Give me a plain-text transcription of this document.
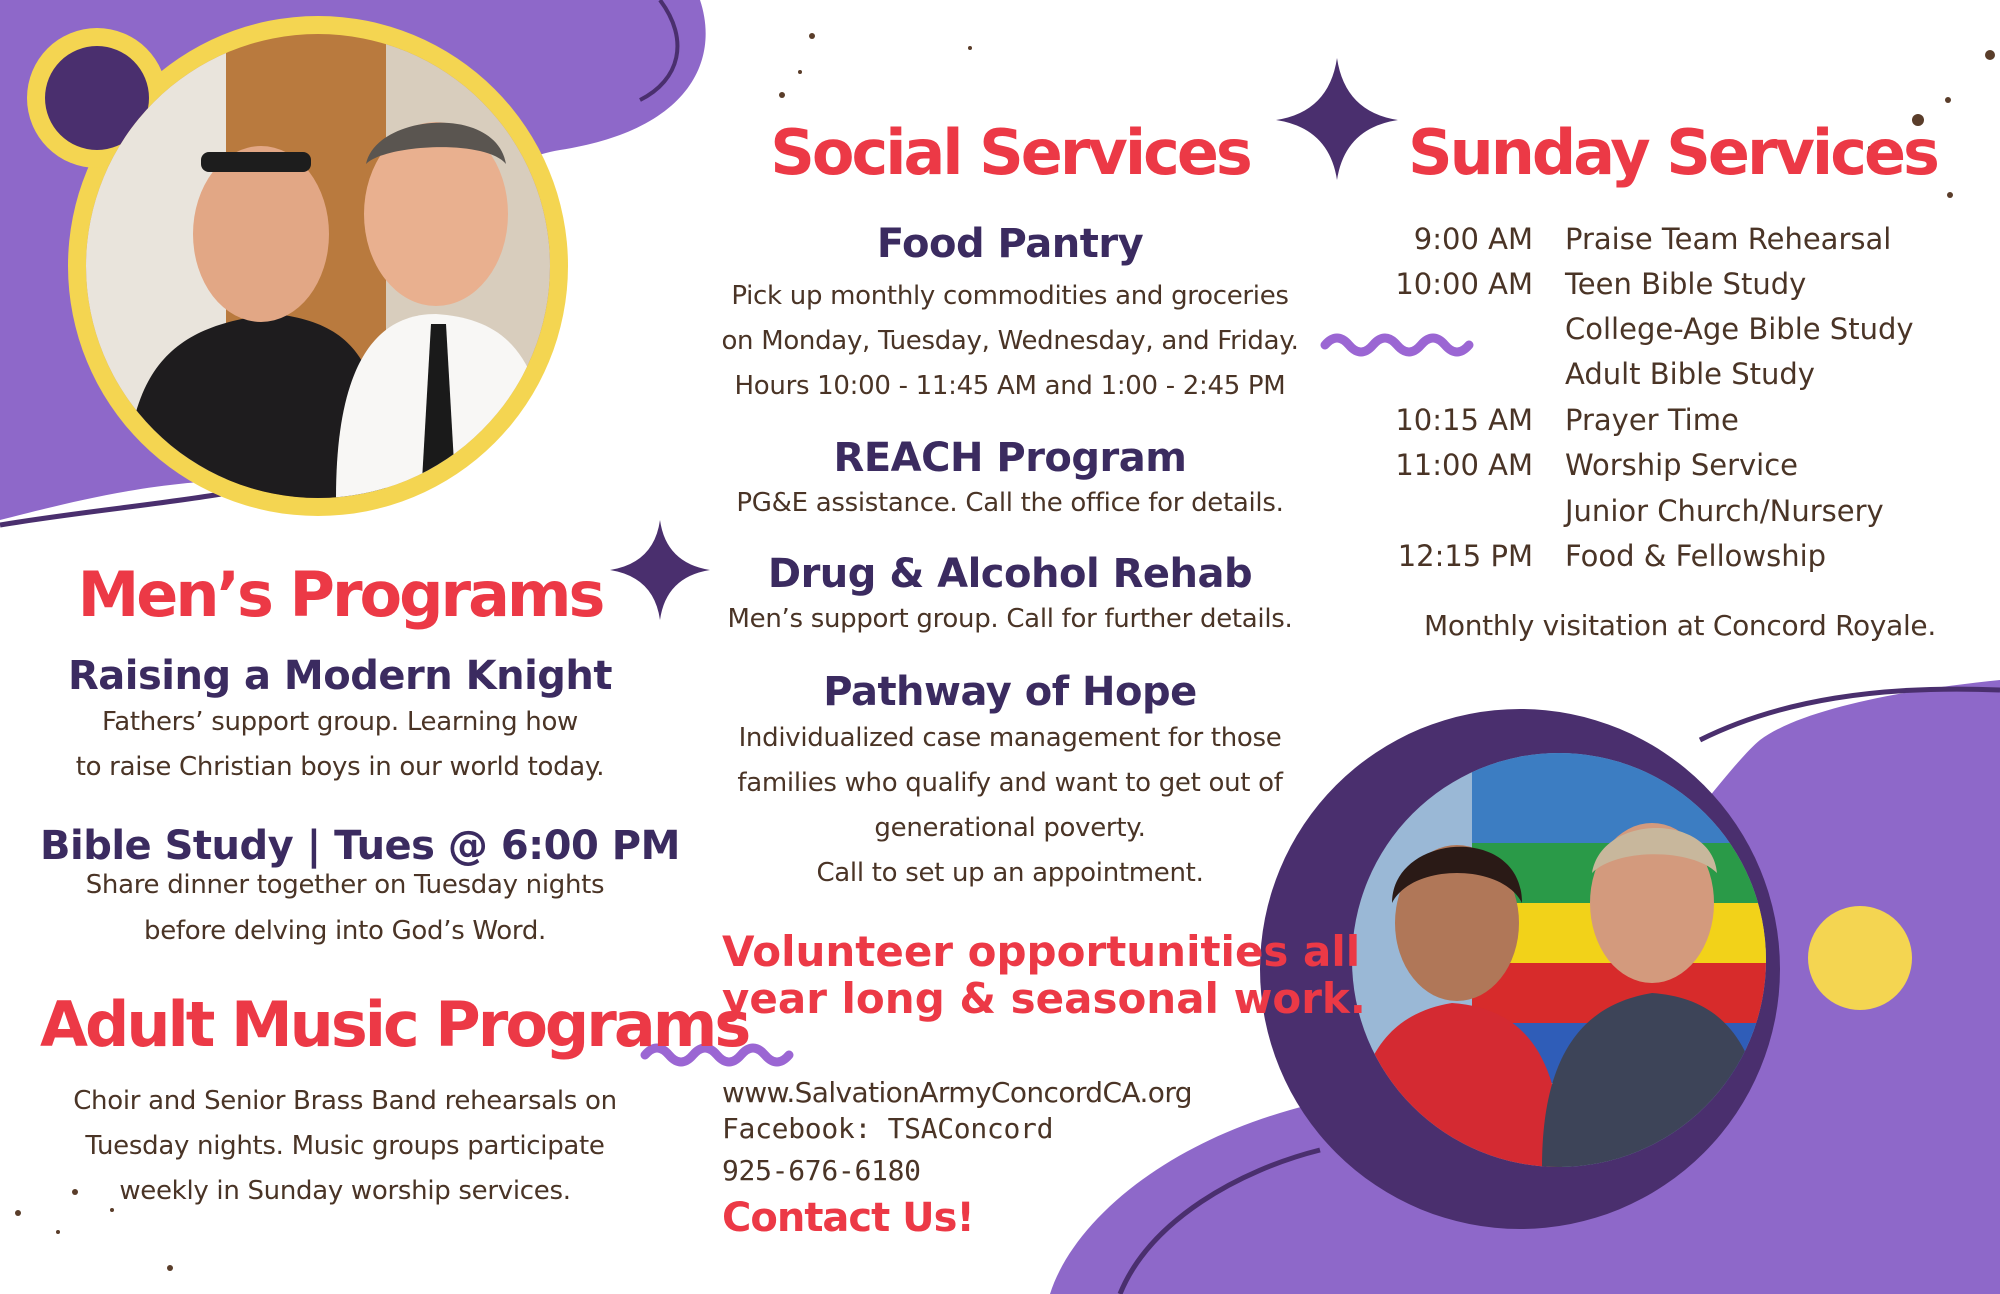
Men’s Programs
Raising a Modern Knight
Fathers’ support group. Learning how
to raise Christian boys in our world today.
Bible Study | Tues @ 6:00 PM
Share dinner together on Tuesday nights
before delving into God’s Word.
Adult Music Programs
Choir and Senior Brass Band rehearsals on
Tuesday nights. Music groups participate
weekly in Sunday worship services.
Social Services
Food Pantry
Pick up monthly commodities and groceries
on Monday, Tuesday, Wednesday, and Friday.
Hours 10:00 - 11:45 AM and 1:00 - 2:45 PM
REACH Program
PG&E assistance. Call the office for details.
Drug & Alcohol Rehab
Men’s support group. Call for further details.
Pathway of Hope
Individualized case management for those
families who qualify and want to get out of
generational poverty.
Call to set up an appointment.
Volunteer opportunities all
year long & seasonal work.
www.SalvationArmyConcordCA.org
Facebook: TSAConcord
925-676-6180
Contact Us!
Sunday Services
9:00 AM Praise Team Rehearsal
10:00 AM Teen Bible Study
College-Age Bible Study
Adult Bible Study
10:15 AM Prayer Time
11:00 AM Worship Service
Junior Church/Nursery
12:15 PM Food & Fellowship
Monthly visitation at Concord Royale.
